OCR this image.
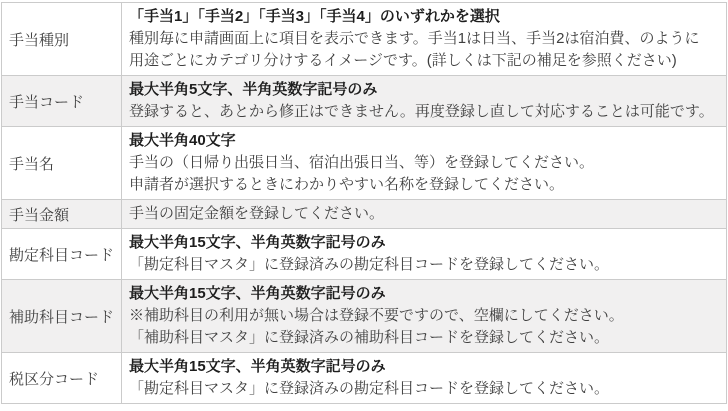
手当種別	「手当1」「手当2」「手当3」「手当4」のいずれかを選択
種別毎に申請画面上に項目を表示できます。手当1は日当、手当2は宿泊費、のように
用途ごとにカテゴリ分けするイメージです。(詳しくは下記の補足を参照ください)

手当コード	最大半角5文字、半角英数字記号のみ
登録すると、あとから修正はできません。再度登録し直して対応することは可能です。

手当名	最大半角40文字
手当の（日帰り出張日当、宿泊出張日当、等）を登録してください。
申請者が選択するときにわかりやすい名称を登録してください。

手当金額	手当の固定金額を登録してください。

勘定科目コード	最大半角15文字、半角英数字記号のみ
「勘定科目マスタ」に登録済みの勘定科目コードを登録してください。

補助科目コード	最大半角15文字、半角英数字記号のみ
※補助科目の利用が無い場合は登録不要ですので、空欄にしてください。
「補助科目マスタ」に登録済みの補助科目コードを登録してください。

税区分コード	最大半角15文字、半角英数字記号のみ
「勘定科目マスタ」に登録済みの勘定科目コードを登録してください。
